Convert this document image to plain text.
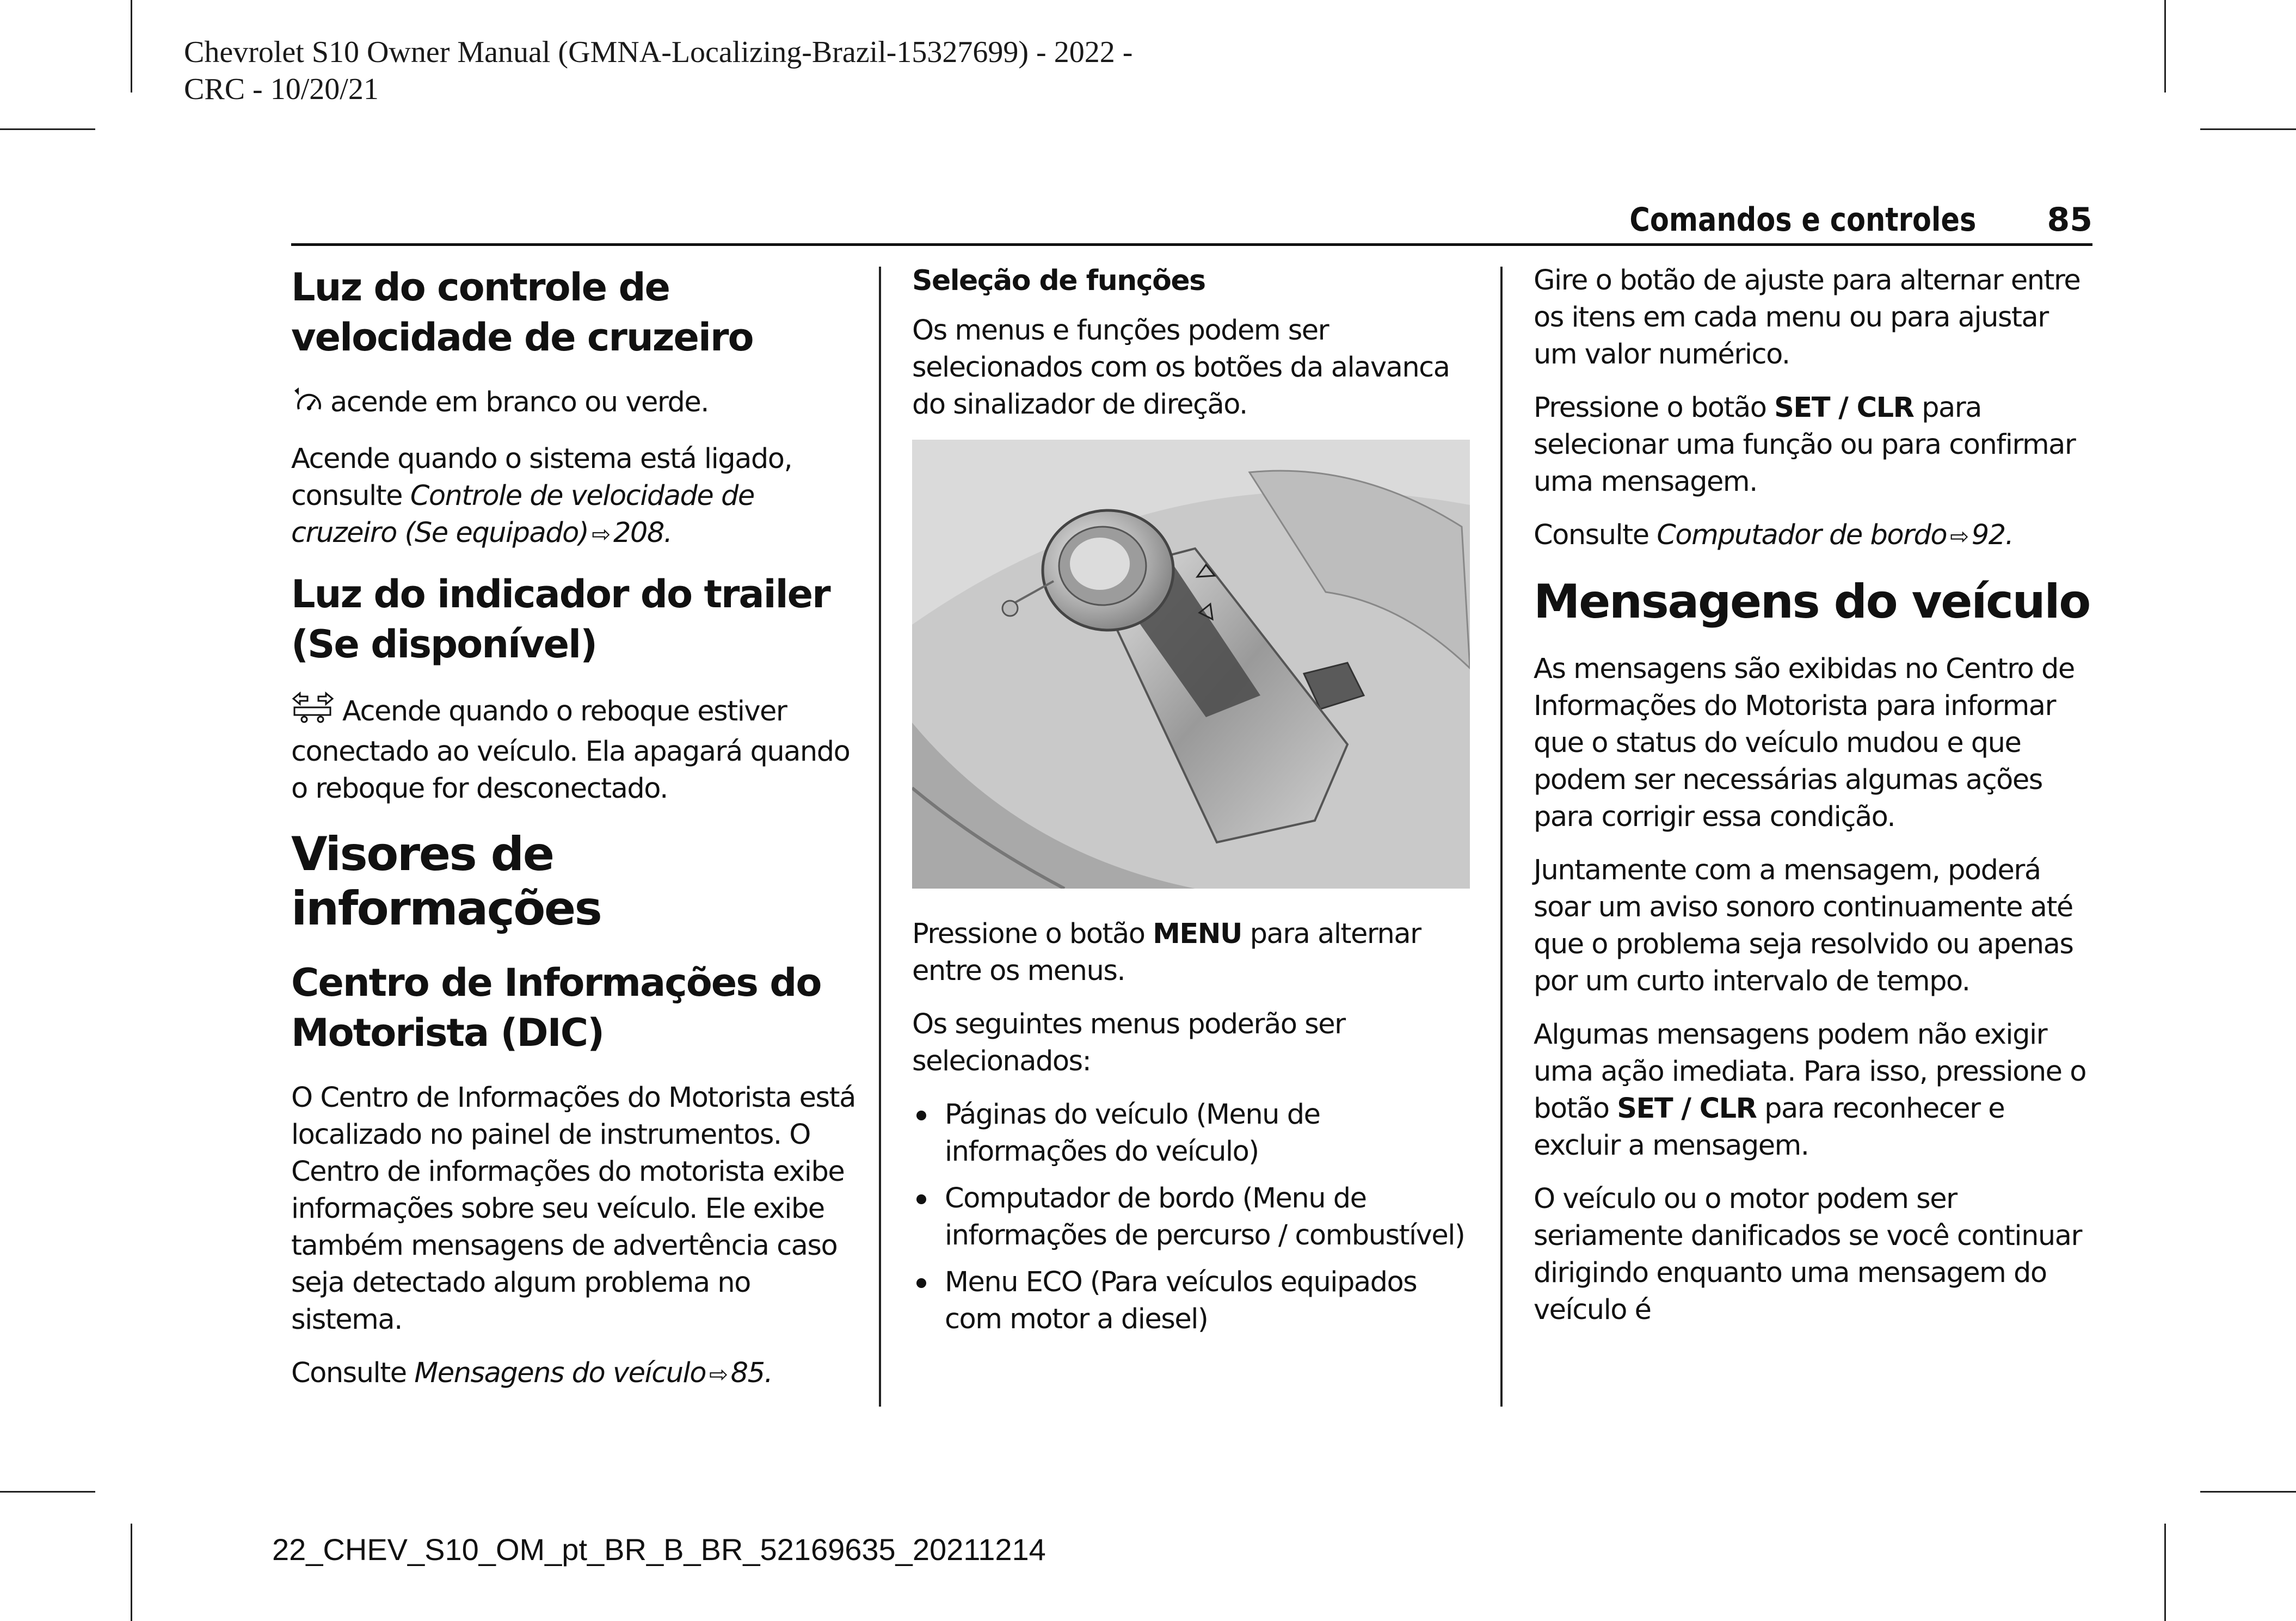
Chevrolet S10 Owner Manual (GMNA-Localizing-Brazil-15327699) - 2022 -
CRC - 10/20/21
Comandos e controles 85
Luz do controle de velocidade de cruzeiro

acende em branco ou verde.

Acende quando o sistema está ligado, consulte Controle de velocidade de cruzeiro (Se equipado) ⇨ 208.

Luz do indicador do trailer (Se disponível)

Acende quando o reboque estiver conectado ao veículo. Ela apagará quando o reboque for desconectado.

Visores de informações
Centro de Informações do Motorista (DIC)

O Centro de Informações do Motorista está localizado no painel de instrumentos. O Centro de informações do motorista exibe informações sobre seu veículo. Ele exibe também mensagens de advertência caso seja detectado algum problema no sistema.

Consulte Mensagens do veículo ⇨ 85.

Seleção de funções

Os menus e funções podem ser selecionados com os botões da alavanca do sinalizador de direção.

Pressione o botão MENU para alternar entre os menus.

Os seguintes menus poderão ser selecionados:

Páginas do veículo (Menu de informações do veículo)
Computador de bordo (Menu de informações de percurso / combustível)
Menu ECO (Para veículos equipados com motor a diesel)

Gire o botão de ajuste para alternar entre os itens em cada menu ou para ajustar um valor numérico.

Pressione o botão SET / CLR para selecionar uma função ou para confirmar uma mensagem.

Consulte Computador de bordo ⇨ 92.

Mensagens do veículo

As mensagens são exibidas no Centro de Informações do Motorista para informar que o status do veículo mudou e que podem ser necessárias algumas ações para corrigir essa condição.

Juntamente com a mensagem, poderá soar um aviso sonoro continuamente até que o problema seja resolvido ou apenas por um curto intervalo de tempo.

Algumas mensagens podem não exigir uma ação imediata. Para isso, pressione o botão SET / CLR para reconhecer e excluir a mensagem.

O veículo ou o motor podem ser seriamente danificados se você continuar dirigindo enquanto uma mensagem do veículo é

22_CHEV_S10_OM_pt_BR_B_BR_52169635_20211214
